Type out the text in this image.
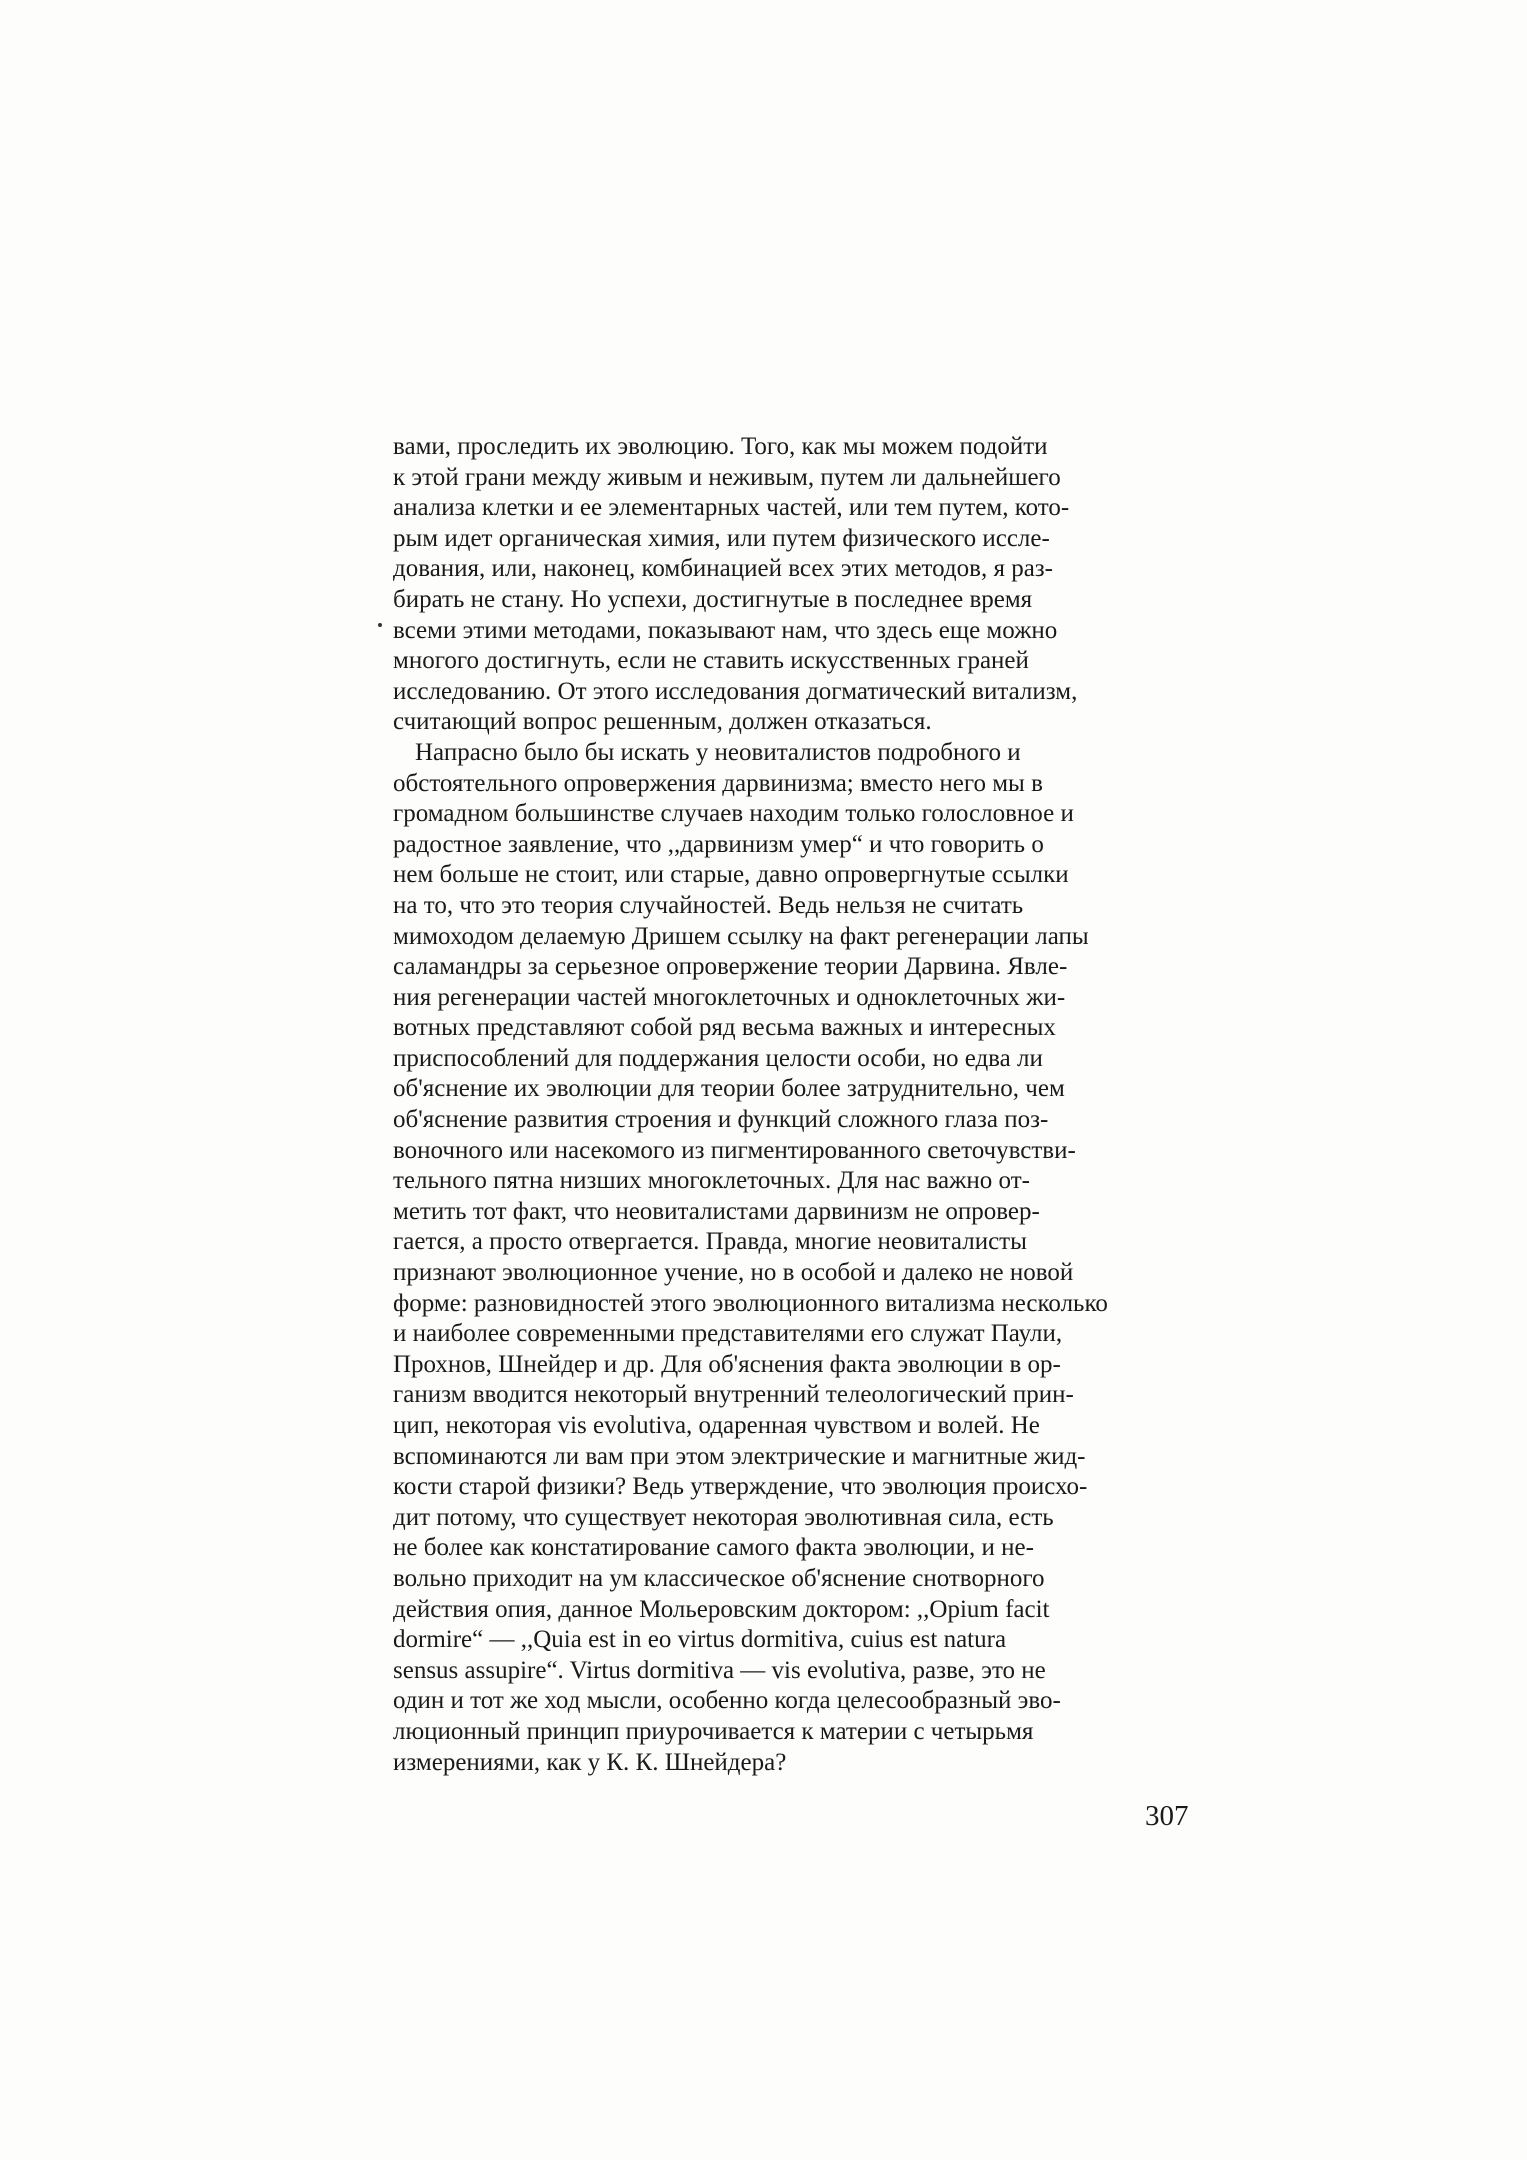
вами, проследить их эволюцию. Того, как мы можем подойти
к этой грани между живым и неживым, путем ли дальнейшего
анализа клетки и ее элементарных частей, или тем путем, кото-
рым идет органическая химия, или путем физического иссле-
дования, или, наконец, комбинацией всех этих методов, я раз-
бирать не стану. Но успехи, достигнутые в последнее время
всеми этими методами, показывают нам, что здесь еще можно
многого достигнуть, если не ставить искусственных граней
исследованию. От этого исследования догматический витализм,
считающий вопрос решенным, должен отказаться.

Напрасно было бы искать у неовиталистов подробного и
обстоятельного опровержения дарвинизма; вместо него мы в
громадном большинстве случаев находим только голословное и
радостное заявление, что ,,дарвинизм умер“ и что говорить о
нем больше не стоит, или старые, давно опровергнутые ссылки
на то, что это теория случайностей. Ведь нельзя не считать
мимоходом делаемую Дришем ссылку на факт регенерации лапы
саламандры за серьезное опровержение теории Дарвина. Явле-
ния регенерации частей многоклеточных и одноклеточных жи-
вотных представляют собой ряд весьма важных и интересных
приспособлений для поддержания целости особи, но едва ли
об'яснение их эволюции для теории более затруднительно, чем
об'яснение развития строения и функций сложного глаза поз-
воночного или насекомого из пигментированного светочувстви-
тельного пятна низших многоклеточных. Для нас важно от-
метить тот факт, что неовиталистами дарвинизм не опровер-
гается, а просто отвергается. Правда, многие неовиталисты
признают эволюционное учение, но в особой и далеко не новой
форме: разновидностей этого эволюционного витализма несколько
и наиболее современными представителями его служат Паули,
Прохнов, Шнейдер и др. Для об'яснения факта эволюции в ор-
ганизм вводится некоторый внутренний телеологический прин-
цип, некоторая vis evolutiva, одаренная чувством и волей. Не
вспоминаются ли вам при этом электрические и магнитные жид-
кости старой физики? Ведь утверждение, что эволюция происхо-
дит потому, что существует некоторая эволютивная сила, есть
не более как констатирование самого факта эволюции, и не-
вольно приходит на ум классическое об'яснение снотворного
действия опия, данное Мольеровским доктором: ,,Opium facit
dormire“ — ,,Quia est in eo virtus dormitiva, cuius est natura
sensus assupire“. Virtus dormitiva — vis evolutiva, разве, это не
один и тот же ход мысли, особенно когда целесообразный эво-
люционный принцип приурочивается к материи с четырьмя
измерениями, как у К. К. Шнейдера?

307
